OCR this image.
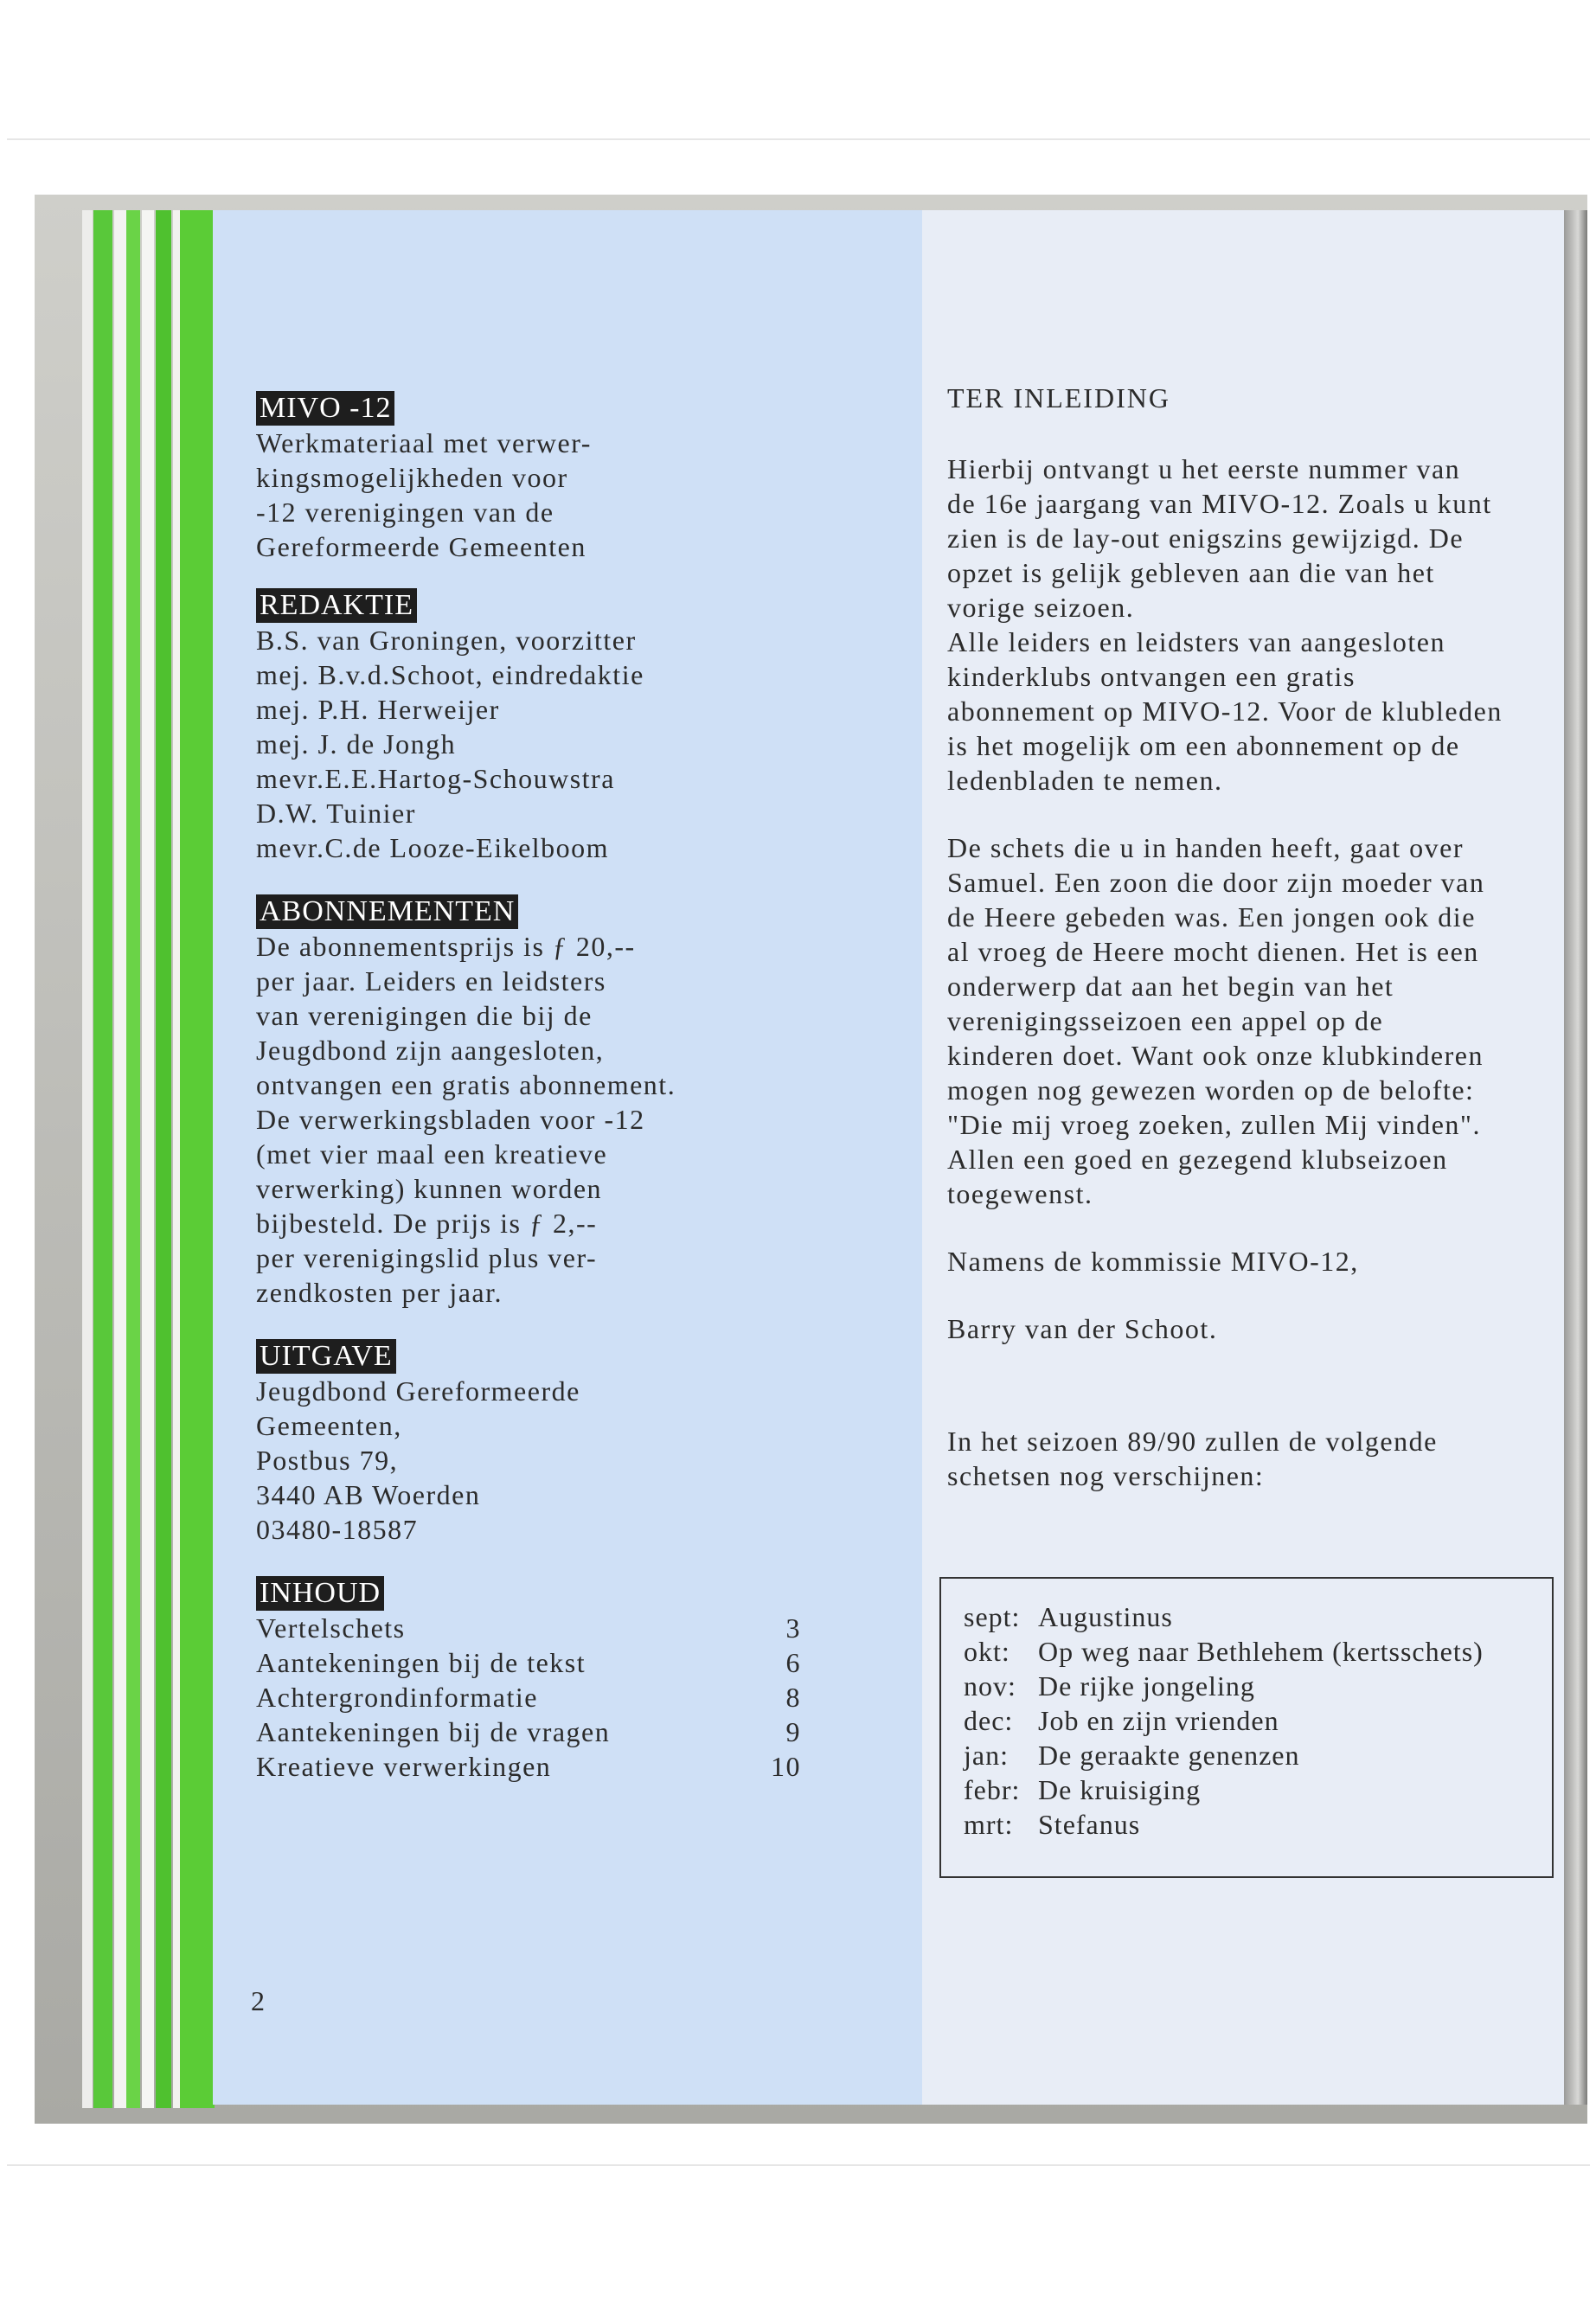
MIVO -12
Werkmateriaal met verwer-
kingsmogelijkheden voor
-12 verenigingen van de
Gereformeerde Gemeenten
REDAKTIE
B.S. van Groningen, voorzitter
mej. B.v.d.Schoot, eindredaktie
mej. P.H. Herweijer
mej. J. de Jongh
mevr.E.E.Hartog-Schouwstra
D.W. Tuinier
mevr.C.de Looze-Eikelboom
ABONNEMENTEN
De abonnementsprijs is ƒ 20,--
per jaar. Leiders en leidsters
van verenigingen die bij de
Jeugdbond zijn aangesloten,
ontvangen een gratis abonnement.
De verwerkingsbladen voor -12
(met vier maal een kreatieve
verwerking) kunnen worden
bijbesteld. De prijs is ƒ 2,--
per verenigingslid plus ver-
zendkosten per jaar.
UITGAVE
Jeugdbond Gereformeerde
Gemeenten,
Postbus 79,
3440 AB Woerden
03480-18587
INHOUD
Vertelschets	3
Aantekeningen bij de tekst	6
Achtergrondinformatie	8
Aantekeningen bij de vragen	9
Kreatieve verwerkingen	10
2
TER INLEIDING
Hierbij ontvangt u het eerste nummer van
de 16e jaargang van MIVO-12. Zoals u kunt
zien is de lay-out enigszins gewijzigd. De
opzet is gelijk gebleven aan die van het
vorige seizoen.
Alle leiders en leidsters van aangesloten
kinderklubs ontvangen een gratis
abonnement op MIVO-12. Voor de klubleden
is het mogelijk om een abonnement op de
ledenbladen te nemen.
De schets die u in handen heeft, gaat over
Samuel. Een zoon die door zijn moeder van
de Heere gebeden was. Een jongen ook die
al vroeg de Heere mocht dienen. Het is een
onderwerp dat aan het begin van het
verenigingsseizoen een appel op de
kinderen doet. Want ook onze klubkinderen
mogen nog gewezen worden op de belofte:
"Die mij vroeg zoeken, zullen Mij vinden".
Allen een goed en gezegend klubseizoen
toegewenst.
Namens de kommissie MIVO-12,
Barry van der Schoot.
In het seizoen 89/90 zullen de volgende
schetsen nog verschijnen:
sept: Augustinus
okt:	Op weg naar Bethlehem (kertsschets)
nov: De rijke jongeling
dec: Job en zijn vrienden
jan:	De geraakte genenzen
febr: De kruisiging
mrt: Stefanus
